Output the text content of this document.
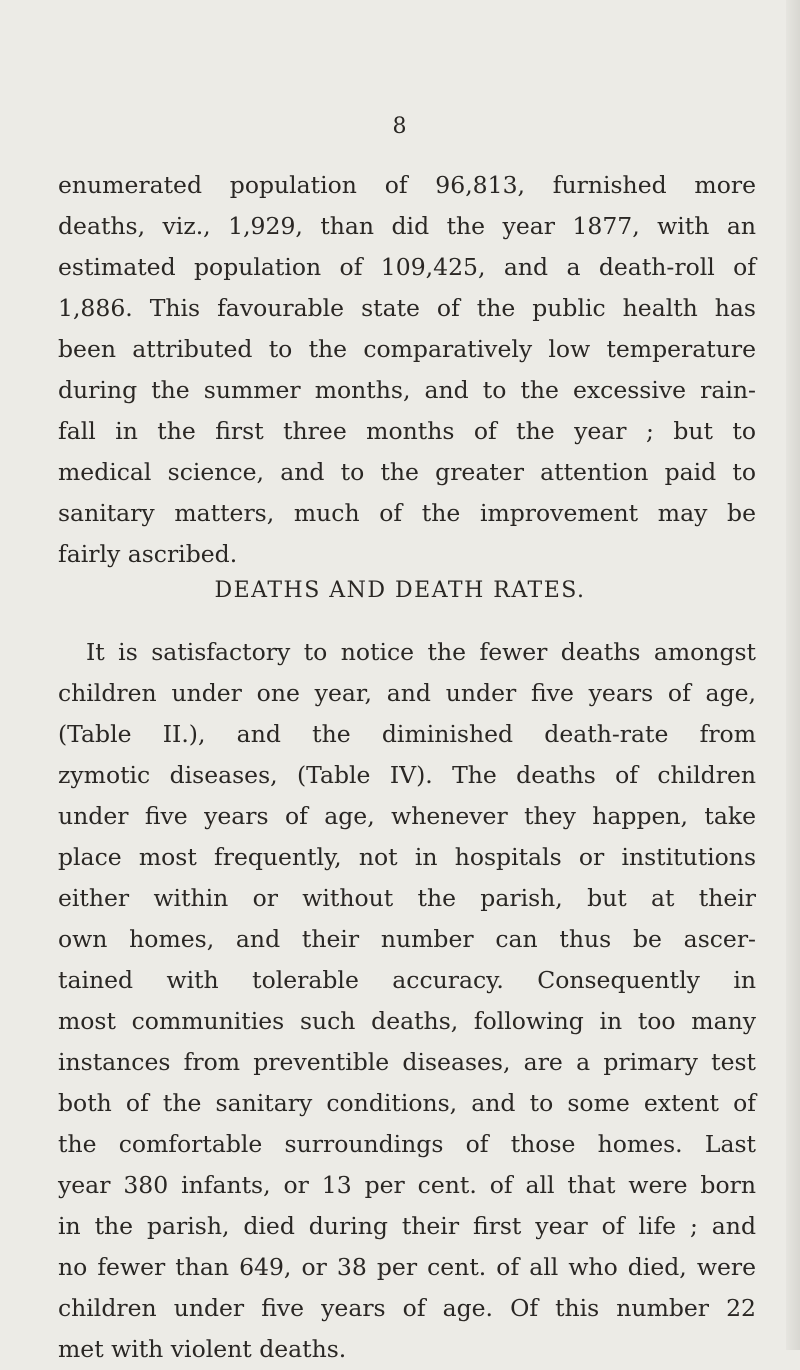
8
enumerated population of 96,813, furnished more
deaths, viz., 1,929, than did the year 1877, with an
estimated population of 109,425, and a death-roll of
1,886. This favourable state of the public health has
been attributed to the comparatively low temperature
during the summer months, and to the excessive rain-
fall in the first three months of the year ; but to
medical science, and to the greater attention paid to
sanitary matters, much of the improvement may be
fairly ascribed.
DEATHS AND DEATH RATES.
It is satisfactory to notice the fewer deaths amongst
children under one year, and under five years of age,
(Table II.), and the diminished death-rate from
zymotic diseases, (Table IV). The deaths of children
under five years of age, whenever they happen, take
place most frequently, not in hospitals or institutions
either within or without the parish, but at their
own homes, and their number can thus be ascer-
tained with tolerable accuracy. Consequently in
most communities such deaths, following in too many
instances from preventible diseases, are a primary test
both of the sanitary conditions, and to some extent of
the comfortable surroundings of those homes. Last
year 380 infants, or 13 per cent. of all that were born
in the parish, died during their first year of life ; and
no fewer than 649, or 38 per cent. of all who died, were
children under five years of age. Of this number 22
met with violent deaths.
